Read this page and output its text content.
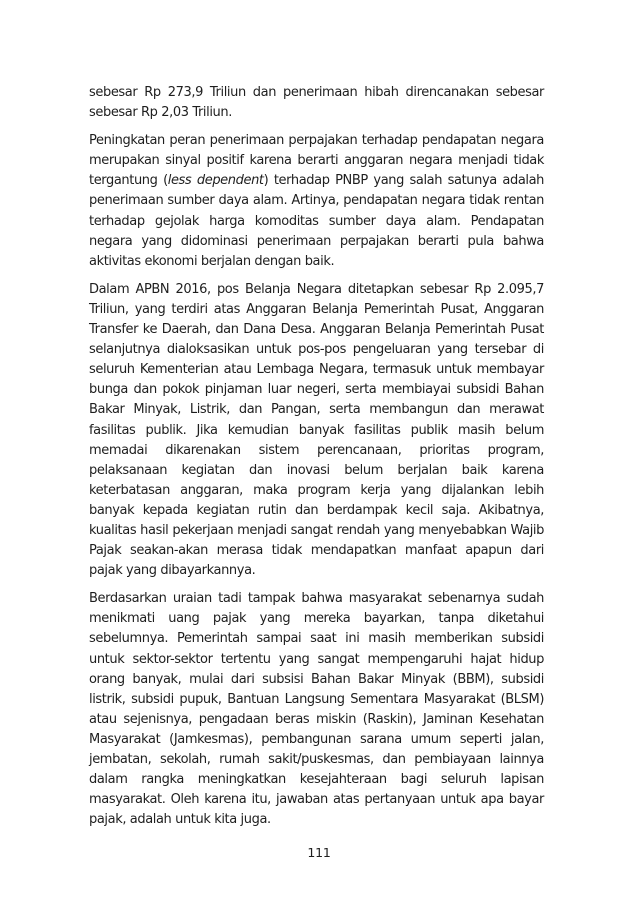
sebesar Rp 273,9 Triliun dan penerimaan hibah direncanakan sebesar sebesar Rp 2,03 Triliun.

Peningkatan peran penerimaan perpajakan terhadap pendapatan negara merupakan sinyal positif karena berarti anggaran negara menjadi tidak tergantung (less dependent) terhadap PNBP yang salah satunya adalah penerimaan sumber daya alam. Artinya, pendapatan negara tidak rentan terhadap gejolak harga komoditas sumber daya alam. Pendapatan negara yang didominasi penerimaan perpajakan berarti pula bahwa aktivitas ekonomi berjalan dengan baik.

Dalam APBN 2016, pos Belanja Negara ditetapkan sebesar Rp 2.095,7 Triliun, yang terdiri atas Anggaran Belanja Pemerintah Pusat, Anggaran Transfer ke Daerah, dan Dana Desa. Anggaran Belanja Pemerintah Pusat selanjutnya dialoksasikan untuk pos-pos pengeluaran yang tersebar di seluruh Kementerian atau Lembaga Negara, termasuk untuk membayar bunga dan pokok pinjaman luar negeri, serta membiayai subsidi Bahan Bakar Minyak, Listrik, dan Pangan, serta membangun dan merawat fasilitas publik. Jika kemudian banyak fasilitas publik masih belum memadai dikarenakan sistem perencanaan, prioritas program, pelaksanaan kegiatan dan inovasi belum berjalan baik karena keterbatasan anggaran, maka program kerja yang dijalankan lebih banyak kepada kegiatan rutin dan berdampak kecil saja. Akibatnya, kualitas hasil pekerjaan menjadi sangat rendah yang menyebabkan Wajib Pajak seakan-akan merasa tidak mendapatkan manfaat apapun dari pajak yang dibayarkannya.

Berdasarkan uraian tadi tampak bahwa masyarakat sebenarnya sudah menikmati uang pajak yang mereka bayarkan, tanpa diketahui sebelumnya. Pemerintah sampai saat ini masih memberikan subsidi untuk sektor-sektor tertentu yang sangat mempengaruhi hajat hidup orang banyak, mulai dari subsisi Bahan Bakar Minyak (BBM), subsidi listrik, subsidi pupuk, Bantuan Langsung Sementara Masyarakat (BLSM) atau sejenisnya, pengadaan beras miskin (Raskin), Jaminan Kesehatan Masyarakat (Jamkesmas), pembangunan sarana umum seperti jalan, jembatan, sekolah, rumah sakit/puskesmas, dan pembiayaan lainnya dalam rangka meningkatkan kesejahteraan bagi seluruh lapisan masyarakat. Oleh karena itu, jawaban atas pertanyaan untuk apa bayar pajak, adalah untuk kita juga.

111
